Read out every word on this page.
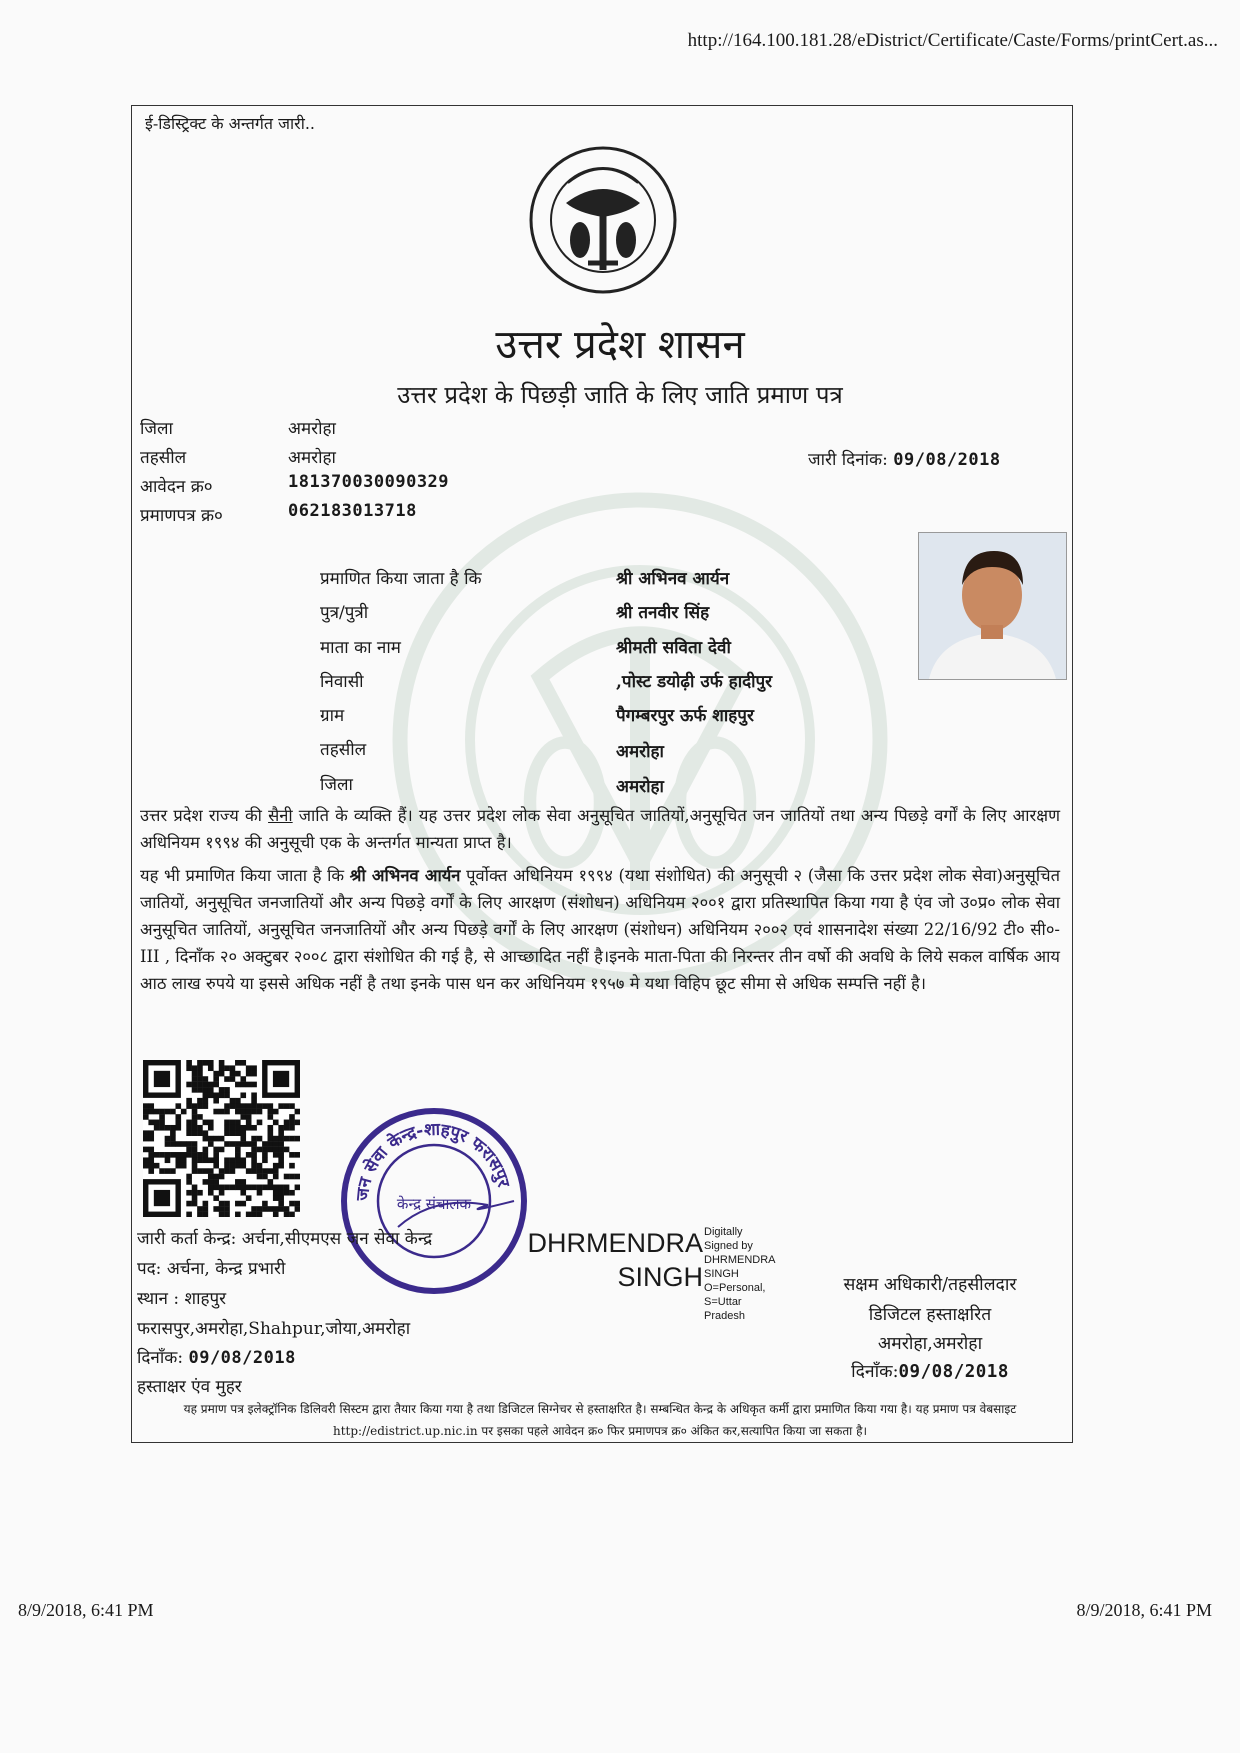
http://164.100.181.28/eDistrict/Certificate/Caste/Forms/printCert.as...
8/9/2018, 6:41 PM	8/9/2018, 6:41 PM
ई-डिस्ट्रिक्ट के अन्तर्गत जारी..
उत्तर प्रदेश शासन
उत्तर प्रदेश के पिछड़ी जाति के लिए जाति प्रमाण पत्र
जिला	अमरोहा
तहसील	अमरोहा
आवेदन क्र०	181370030090329
प्रमाणपत्र क्र०	062183013718
जारी दिनांक: 09/08/2018
प्रमाणित किया जाता है कि	श्री अभिनव आर्यन
पुत्र/पुत्री	श्री तनवीर सिंह
माता का नाम	श्रीमती सविता देवी
निवासी	,पोस्ट डयोढ़ी उर्फ हादीपुर
ग्राम	पैगम्बरपुर ऊर्फ शाहपुर
तहसील	अमरोहा
जिला	अमरोहा
उत्तर प्रदेश राज्य की सैनी जाति के व्यक्ति हैं। यह उत्तर प्रदेश लोक सेवा अनुसूचित जातियों,अनुसूचित जन जातियों तथा अन्य पिछड़े वर्गों के लिए आरक्षण अधिनियम १९९४ की अनुसूची एक के अन्तर्गत मान्यता प्राप्त है।
यह भी प्रमाणित किया जाता है कि श्री अभिनव आर्यन पूर्वोक्त अधिनियम १९९४ (यथा संशोधित) की अनुसूची २ (जैसा कि उत्तर प्रदेश लोक सेवा)अनुसूचित जातियों, अनुसूचित जनजातियों और अन्य पिछड़े वर्गों के लिए आरक्षण (संशोधन) अधिनियम २००१ द्वारा प्रतिस्थापित किया गया है एंव जो उ०प्र० लोक सेवा अनुसूचित जातियों, अनुसूचित जनजातियों और अन्य पिछड़े वर्गों के लिए आरक्षण (संशोधन) अधिनियम २००२ एवं शासनादेश संख्या 22/16/92 टी० सी०-III , दिनाँक २० अक्टुबर २००८ द्वारा संशोधित की गई है, से आच्छादित नहीं है।इनके माता-पिता की निरन्तर तीन वर्षो की अवधि के लिये सकल वार्षिक आय आठ लाख रुपये या इससे अधिक नहीं है तथा इनके पास धन कर अधिनियम १९५७ मे यथा विहिप छूट सीमा से अधिक सम्पत्ति नहीं है।
जन सेवा केन्द्र-शाहपुर फरासपुर
केन्द्र संचालक
जारी कर्ता केन्द्र: अर्चना,सीएमएस जन सेवा केन्द्र
पद: अर्चना, केन्द्र प्रभारी
स्थान : शाहपुर
फरासपुर,अमरोहा,Shahpur,जोया,अमरोहा
दिनाँक: 09/08/2018
हस्ताक्षर एंव मुहर
DHRMENDRA
SINGH
Digitally
Signed by
DHRMENDRA
SINGH
O=Personal,
S=Uttar
Pradesh
सक्षम अधिकारी/तहसीलदार
डिजिटल हस्ताक्षरित
अमरोहा,अमरोहा
दिनाँक:09/08/2018
यह प्रमाण पत्र इलेक्ट्रॉनिक डिलिवरी सिस्टम द्वारा तैयार किया गया है तथा डिजिटल सिग्नेचर से हस्ताक्षरित है। सम्बन्धित केन्द्र के अधिकृत कर्मी द्वारा प्रमाणित किया गया है। यह प्रमाण पत्र वेबसाइट http://edistrict.up.nic.in पर इसका पहले आवेदन क्र० फिर प्रमाणपत्र क्र० अंकित कर,सत्यापित किया जा सकता है।
